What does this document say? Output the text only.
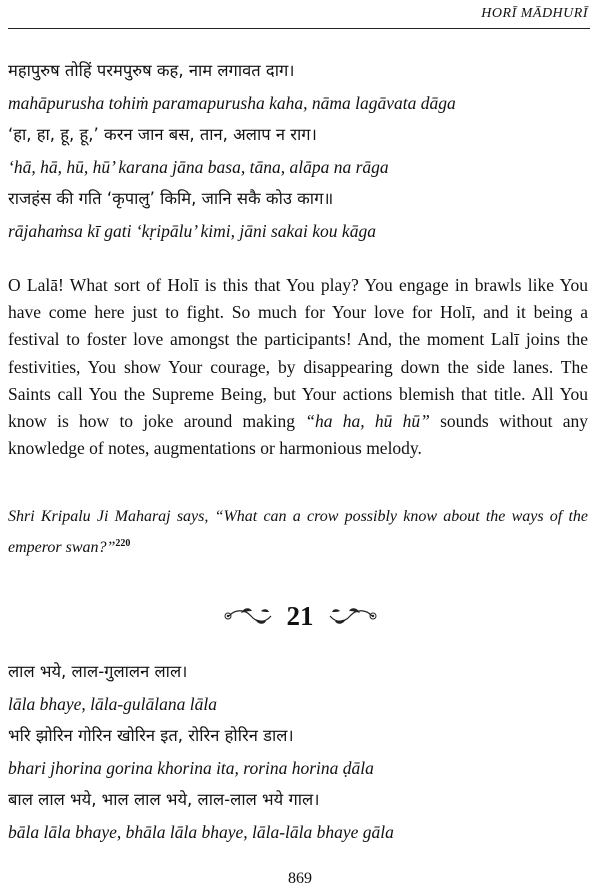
HORĪ MĀDHURĪ
महापुरुष तोहिं परमपुरुष कह, नाम लगावत दाग।
mahāpurusha tohiṁ paramapurusha kaha, nāma lagāvata dāga
‘हा, हा, हू, हू,’ करन जान बस, तान, अलाप न राग।
‘hā, hā, hū, hū’ karana jāna basa, tāna, alāpa na rāga
राजहंस की गति ‘कृपालु’ किमि, जानि सकै कोउ काग॥
rājahaṁsa kī gati ‘kṛipālu’ kimi, jāni sakai kou kāga

O Lalā! What sort of Holī is this that You play? You engage in brawls like You have come here just to fight. So much for Your love for Holī, and it being a festival to foster love amongst the participants! And, the moment Lalī joins the festivities, You show Your courage, by disappearing down the side lanes. The Saints call You the Supreme Being, but Your actions blemish that title. All You know is how to joke around making “ha ha, hū hū” sounds without any knowledge of notes, augmentations or harmonious melody.

Shri Kripalu Ji Maharaj says, “What can a crow possibly know about the ways of the emperor swan?”$^{220}$

21
लाल भये, लाल-गुलालन लाल।
lāla bhaye, lāla-gulālana lāla
भरि झोरिन गोरिन खोरिन इत, रोरिन होरिन डाल।
bhari jhorina gorina khorina ita, rorina horina ḍāla
बाल लाल भये, भाल लाल भये, लाल-लाल भये गाल।
bāla lāla bhaye, bhāla lāla bhaye, lāla-lāla bhaye gāla
869
